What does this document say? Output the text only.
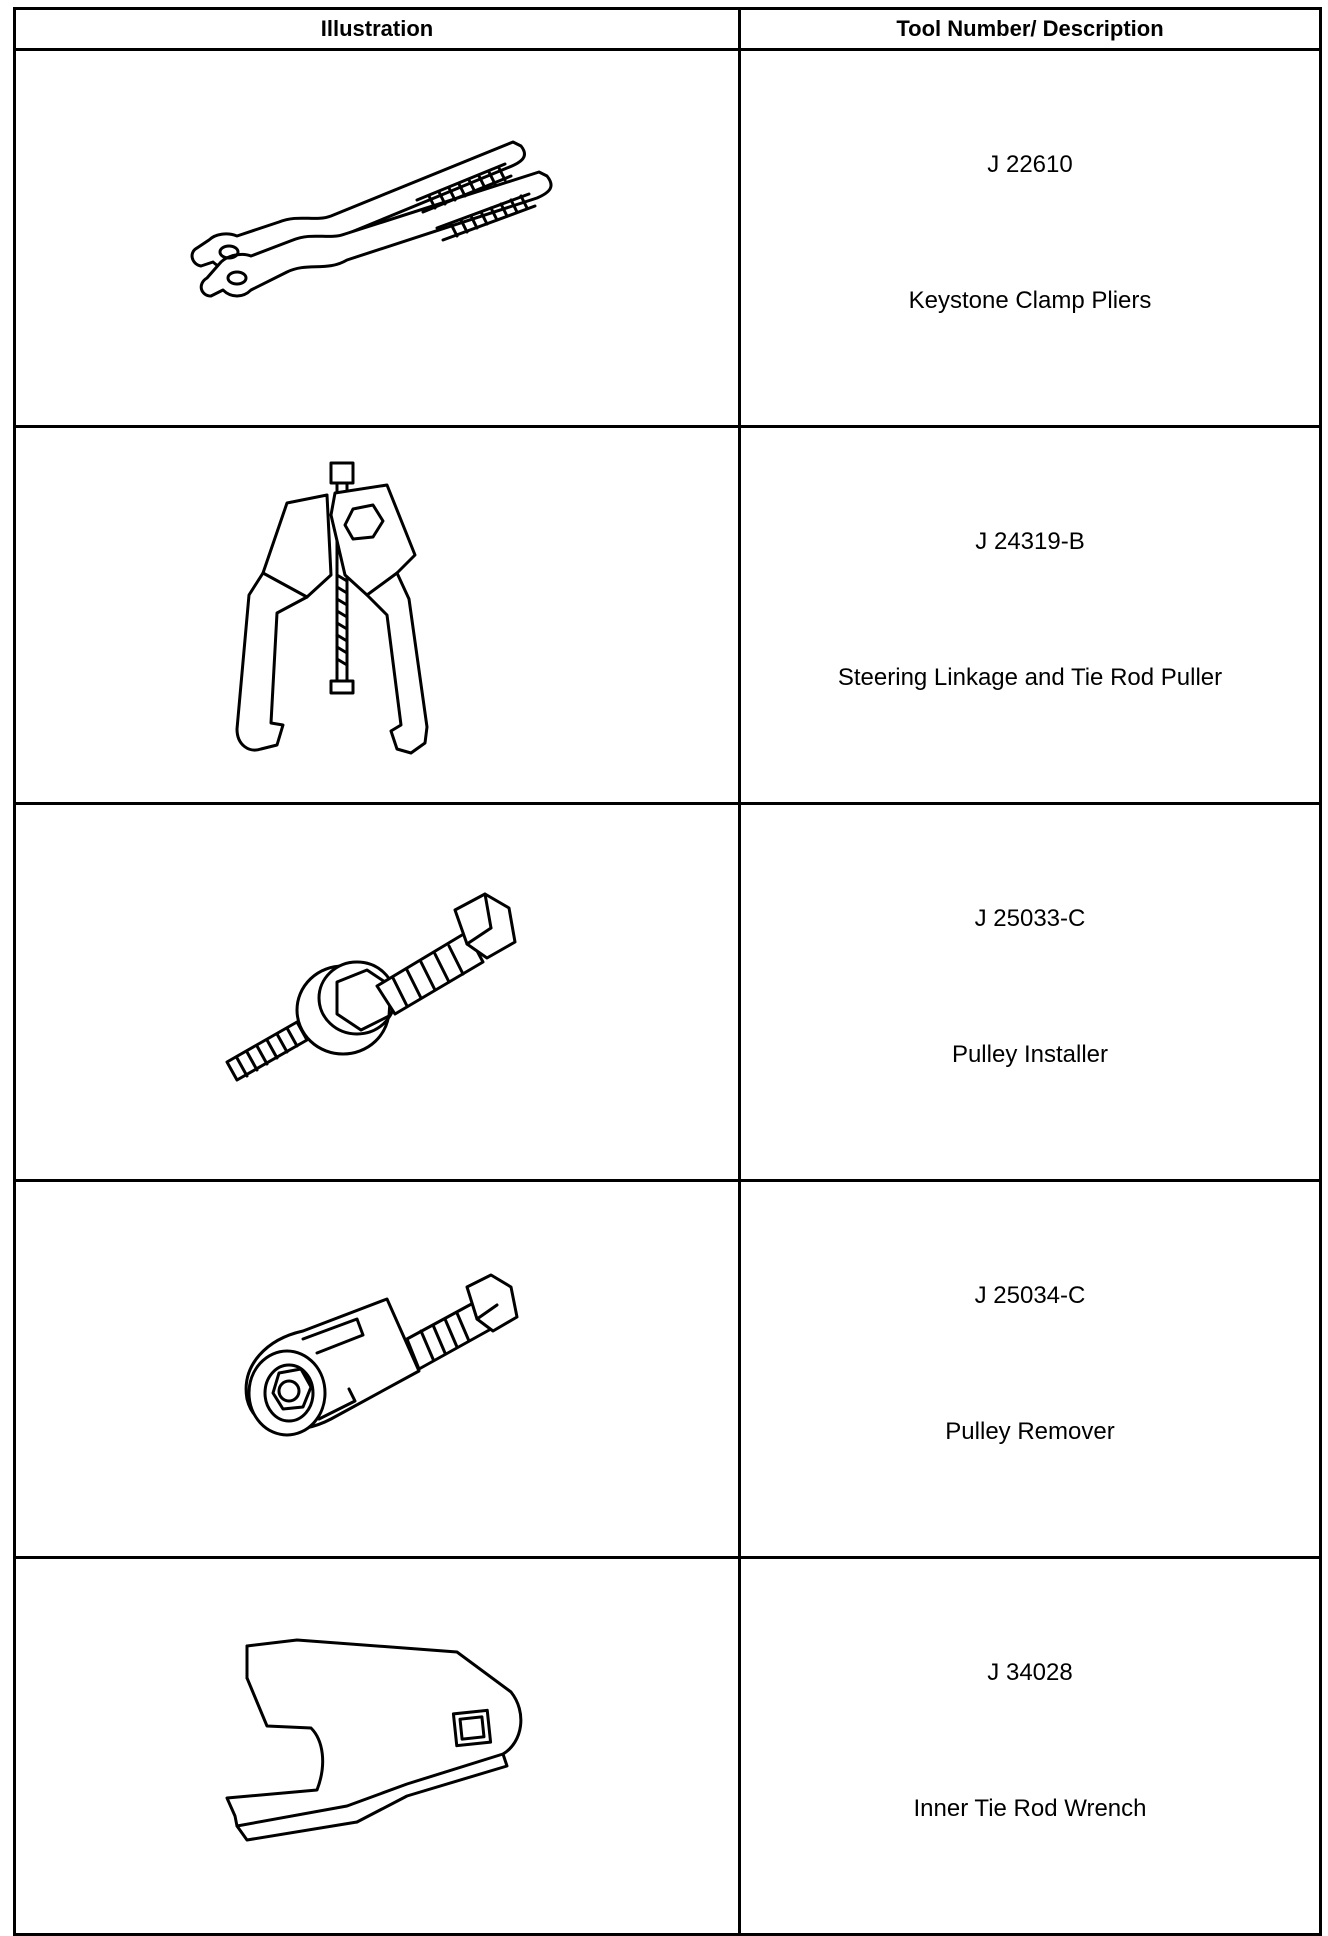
Illustration	Tool Number/ Description

J 22610
Keystone Clamp Pliers

J 24319-B
Steering Linkage and Tie Rod Puller

J 25033-C
Pulley Installer

J 25034-C
Pulley Remover

J 34028
Inner Tie Rod Wrench
